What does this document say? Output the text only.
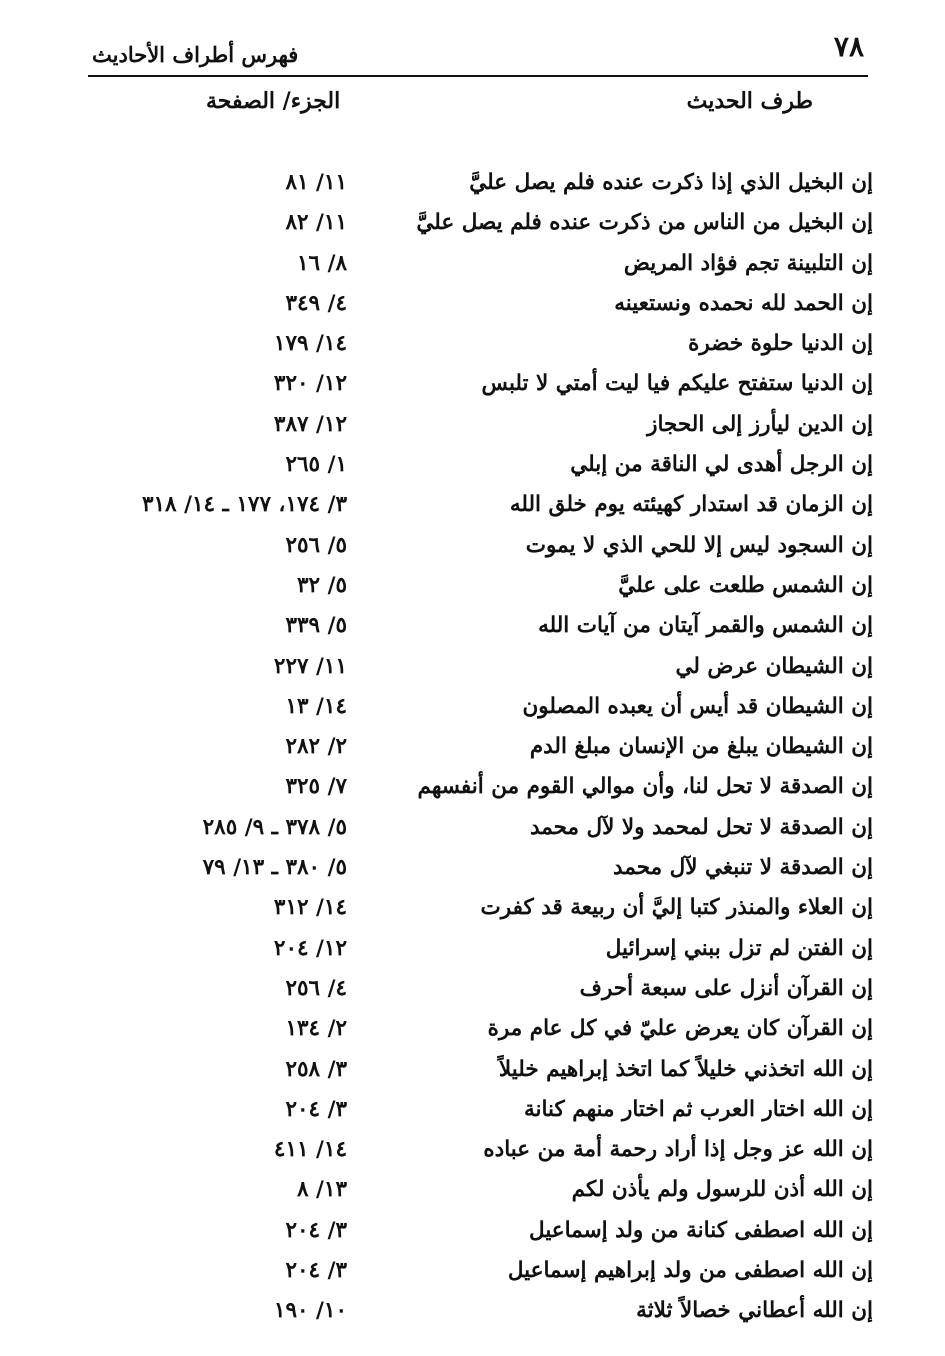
٧٨
فهرس أطراف الأحاديث
طرف الحديث
الجزء/ الصفحة
إن البخيل الذي إذا ذكرت عنده فلم يصل عليَّ
١١/ ٨١
إن البخيل من الناس من ذكرت عنده فلم يصل عليَّ
١١/ ٨٢
إن التلبينة تجم فؤاد المريض
٨/ ١٦
إن الحمد لله نحمده ونستعينه
٤/ ٣٤٩
إن الدنيا حلوة خضرة
١٤/ ١٧٩
إن الدنيا ستفتح عليكم فيا ليت أمتي لا تلبس
١٢/ ٣٢٠
إن الدين ليأرز إلى الحجاز
١٢/ ٣٨٧
إن الرجل أهدى لي الناقة من إبلي
١/ ٢٦٥
إن الزمان قد استدار كهيئته يوم خلق الله
٣/ ١٧٤، ١٧٧ ـ ١٤/ ٣١٨
إن السجود ليس إلا للحي الذي لا يموت
٥/ ٢٥٦
إن الشمس طلعت على عليَّ
٥/ ٣٢
إن الشمس والقمر آيتان من آيات الله
٥/ ٣٣٩
إن الشيطان عرض لي
١١/ ٢٢٧
إن الشيطان قد أيس أن يعبده المصلون
١٤/ ١٣
إن الشيطان يبلغ من الإنسان مبلغ الدم
٢/ ٢٨٢
إن الصدقة لا تحل لنا، وأن موالي القوم من أنفسهم
٧/ ٣٢٥
إن الصدقة لا تحل لمحمد ولا لآل محمد
٥/ ٣٧٨ ـ ٩/ ٢٨٥
إن الصدقة لا تنبغي لآل محمد
٥/ ٣٨٠ ـ ١٣/ ٧٩
إن العلاء والمنذر كتبا إليَّ أن ربيعة قد كفرت
١٤/ ٣١٢
إن الفتن لم تزل ببني إسرائيل
١٢/ ٢٠٤
إن القرآن أنزل على سبعة أحرف
٤/ ٢٥٦
إن القرآن كان يعرض عليّ في كل عام مرة
٢/ ١٣٤
إن الله اتخذني خليلاً كما اتخذ إبراهيم خليلاً
٣/ ٢٥٨
إن الله اختار العرب ثم اختار منهم كنانة
٣/ ٢٠٤
إن الله عز وجل إذا أراد رحمة أمة من عباده
١٤/ ٤١١
إن الله أذن للرسول ولم يأذن لكم
١٣/ ٨
إن الله اصطفى كنانة من ولد إسماعيل
٣/ ٢٠٤
إن الله اصطفى من ولد إبراهيم إسماعيل
٣/ ٢٠٤
إن الله أعطاني خصالاً ثلاثة
١٠/ ١٩٠
